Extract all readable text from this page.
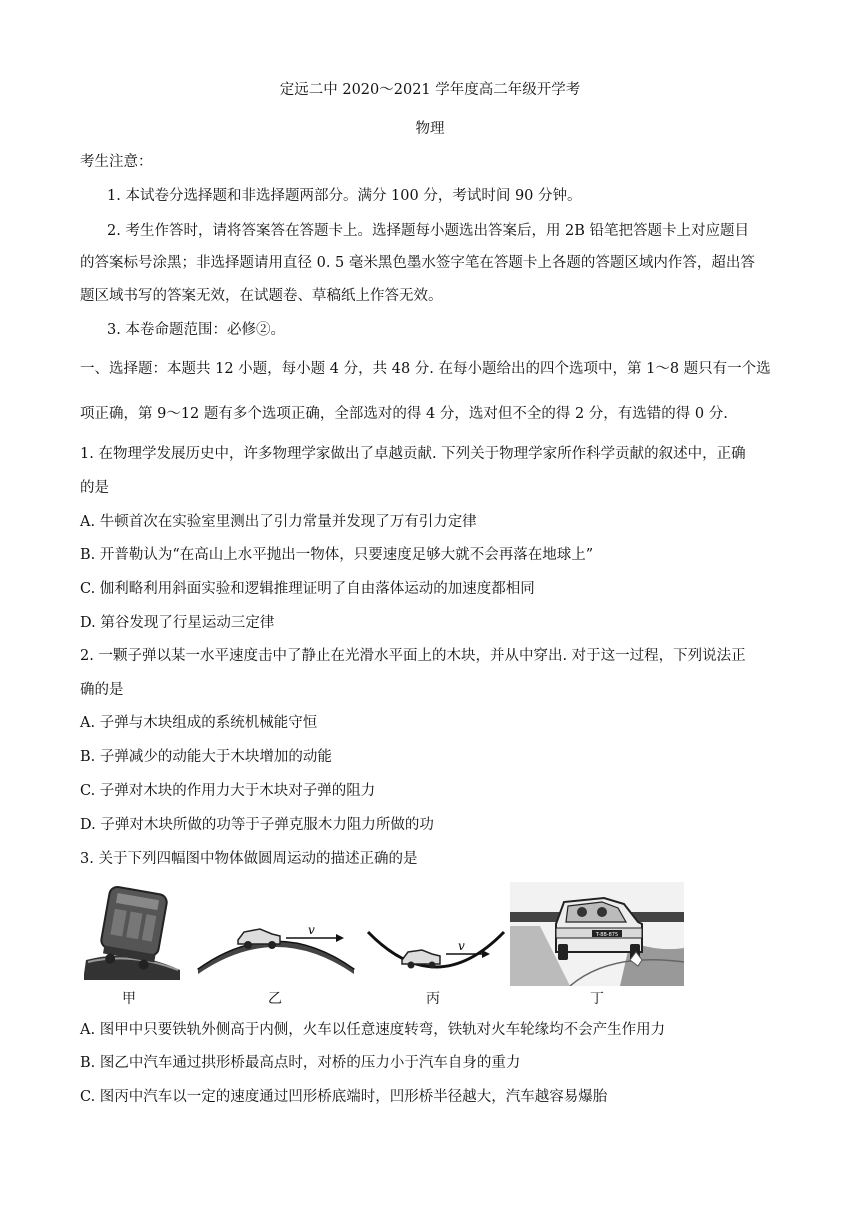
定远二中 2020～2021 学年度高二年级开学考
物理
考生注意：
1. 本试卷分选择题和非选择题两部分。满分 100 分，考试时间 90 分钟。
2. 考生作答时，请将答案答在答题卡上。选择题每小题选出答案后，用 2B 铅笔把答题卡上对应题目
的答案标号涂黑；非选择题请用直径 0. 5 毫米黑色墨水签字笔在答题卡上各题的答题区域内作答，超出答
题区域书写的答案无效，在试题卷、草稿纸上作答无效。
3. 本卷命题范围：必修②。
一、选择题：本题共 12 小题，每小题 4 分，共 48 分. 在每小题给出的四个选项中，第 1～8 题只有一个选
项正确，第 9～12 题有多个选项正确，全部选对的得 4 分，选对但不全的得 2 分，有选错的得 0 分.
1. 在物理学发展历史中，许多物理学家做出了卓越贡献. 下列关于物理学家所作科学贡献的叙述中，正确
的是
A. 牛顿首次在实验室里测出了引力常量并发现了万有引力定律
B. 开普勒认为“在高山上水平抛出一物体，只要速度足够大就不会再落在地球上”
C. 伽利略利用斜面实验和逻辑推理证明了自由落体运动的加速度都相同
D. 第谷发现了行星运动三定律
2. 一颗子弹以某一水平速度击中了静止在光滑水平面上的木块，并从中穿出. 对于这一过程，下列说法正
确的是
A. 子弹与木块组成的系统机械能守恒
B. 子弹减少的动能大于木块增加的动能
C. 子弹对木块的作用力大于木块对子弹的阻力
D. 子弹对木块所做的功等于子弹克服木力阻力所做的功
3. 关于下列四幅图中物体做圆周运动的描述正确的是
v
v
T-8B-875
甲	乙	丙	丁
A. 图甲中只要铁轨外侧高于内侧，火车以任意速度转弯，铁轨对火车轮缘均不会产生作用力
B. 图乙中汽车通过拱形桥最高点时，对桥的压力小于汽车自身的重力
C. 图丙中汽车以一定的速度通过凹形桥底端时，凹形桥半径越大，汽车越容易爆胎
